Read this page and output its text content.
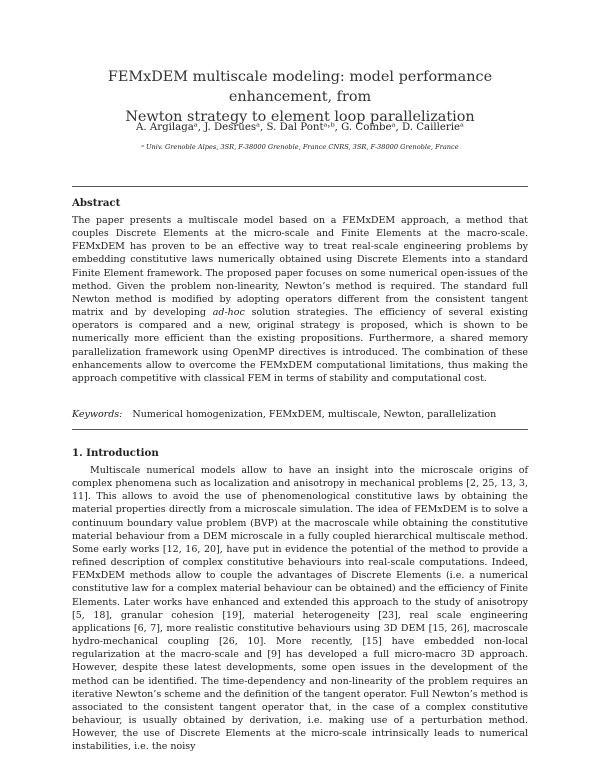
FEMxDEM multiscale modeling: model performance enhancement, from
Newton strategy to element loop parallelization
A. Argilagaᵃ, J. Desruesᵃ, S. Dal Pontᵃ˒ᵇ, G. Combeᵃ, D. Caillerieᵃ
ᵃ Univ. Grenoble Alpes, 3SR, F-38000 Grenoble, France CNRS, 3SR, F-38000 Grenoble, France
Abstract
The paper presents a multiscale model based on a FEMxDEM approach, a method that couples Discrete Elements at the micro-scale and Finite Elements at the macro-scale. FEMxDEM has proven to be an effective way to treat real-scale engineering problems by embedding constitutive laws numerically obtained using Discrete Elements into a standard Finite Element framework. The proposed paper focuses on some numerical open-issues of the method. Given the problem non-linearity, Newton’s method is required. The standard full Newton method is modified by adopting operators different from the consistent tangent matrix and by developing ad-hoc solution strategies. The efficiency of several existing operators is compared and a new, original strategy is proposed, which is shown to be numerically more efficient than the existing propositions. Furthermore, a shared memory parallelization framework using OpenMP directives is introduced. The combination of these enhancements allow to overcome the FEMxDEM computational limitations, thus making the approach competitive with classical FEM in terms of stability and computational cost.
Keywords: Numerical homogenization, FEMxDEM, multiscale, Newton, parallelization
1. Introduction
Multiscale numerical models allow to have an insight into the microscale origins of complex phenomena such as localization and anisotropy in mechanical problems [2, 25, 13, 3, 11]. This allows to avoid the use of phenomenological constitutive laws by obtaining the material properties directly from a microscale simulation. The idea of FEMxDEM is to solve a continuum boundary value problem (BVP) at the macroscale while obtaining the constitutive material behaviour from a DEM microscale in a fully coupled hierarchical multiscale method. Some early works [12, 16, 20], have put in evidence the potential of the method to provide a refined description of complex constitutive behaviours into real-scale computations. Indeed, FEMxDEM methods allow to couple the advantages of Discrete Elements (i.e. a numerical constitutive law for a complex material behaviour can be obtained) and the efficiency of Finite Elements. Later works have enhanced and extended this approach to the study of anisotropy [5, 18], granular cohesion [19], material heterogeneity [23], real scale engineering applications [6, 7], more realistic constitutive behaviours using 3D DEM [15, 26], macroscale hydro-mechanical coupling [26, 10]. More recently, [15] have embedded non-local regularization at the macro-scale and [9] has developed a full micro-macro 3D approach. However, despite these latest developments, some open issues in the development of the method can be identified. The time-dependency and non-linearity of the problem requires an iterative Newton’s scheme and the definition of the tangent operator. Full Newton’s method is associated to the consistent tangent operator that, in the case of a complex constitutive behaviour, is usually obtained by derivation, i.e. making use of a perturbation method. However, the use of Discrete Elements at the micro-scale intrinsically leads to numerical instabilities, i.e. the noisy
